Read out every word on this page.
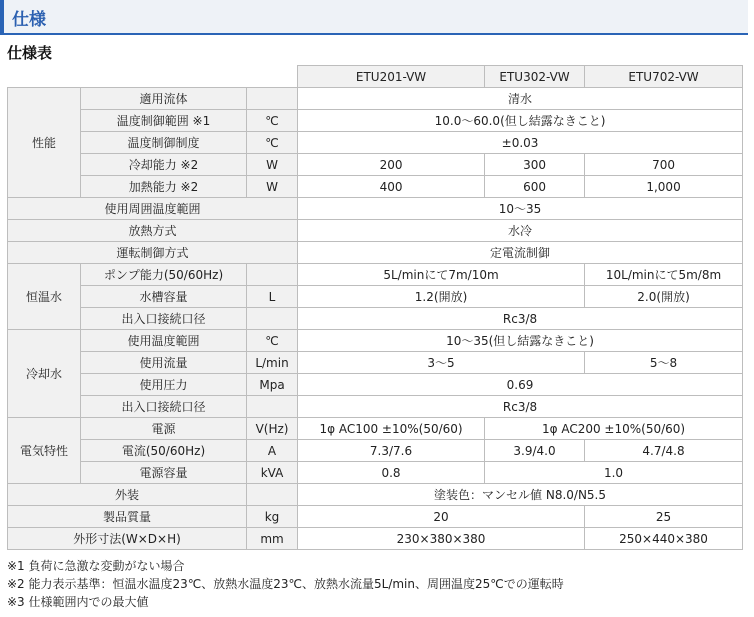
仕様
仕様表
			ETU201-VW	ETU302-VW	ETU702-VW
性能	適用流体		清水		
	温度制御範囲 ※1	℃	10.0～60.0(但し結露なきこと)		
	温度制御制度	℃	±0.03		
	冷却能力 ※2	W	200	300	700
	加熱能力 ※2	W	400	600	1,000
使用周囲温度範囲			10～35		
放熱方式			水冷		
運転制御方式			定電流制御		
恒温水	ポンプ能力(50/60Hz)		5L/minにて7m/10m		10L/minにて5m/8m
	水槽容量	L	1.2(開放)		2.0(開放)
	出入口接続口径		Rc3/8		
冷却水	使用温度範囲	℃	10～35(但し結露なきこと)		
	使用流量	L/min	3～5		5～8
	使用圧力	Mpa	0.69		
	出入口接続口径		Rc3/8		
電気特性	電源	V(Hz)	1φ AC100 ±10%(50/60)	1φ AC200 ±10%(50/60)	
	電流(50/60Hz)	A	7.3/7.6	3.9/4.0	4.7/4.8
	電源容量	kVA	0.8	1.0	
外装			塗装色：マンセル値 N8.0/N5.5		
製品質量		kg	20		25
外形寸法(W×D×H)		mm	230×380×380		250×440×380
※1 負荷に急激な変動がない場合
※2 能力表示基準：恒温水温度23℃、放熱水温度23℃、放熱水流量5L/min、周囲温度25℃での運転時
※3 仕様範囲内での最大値
